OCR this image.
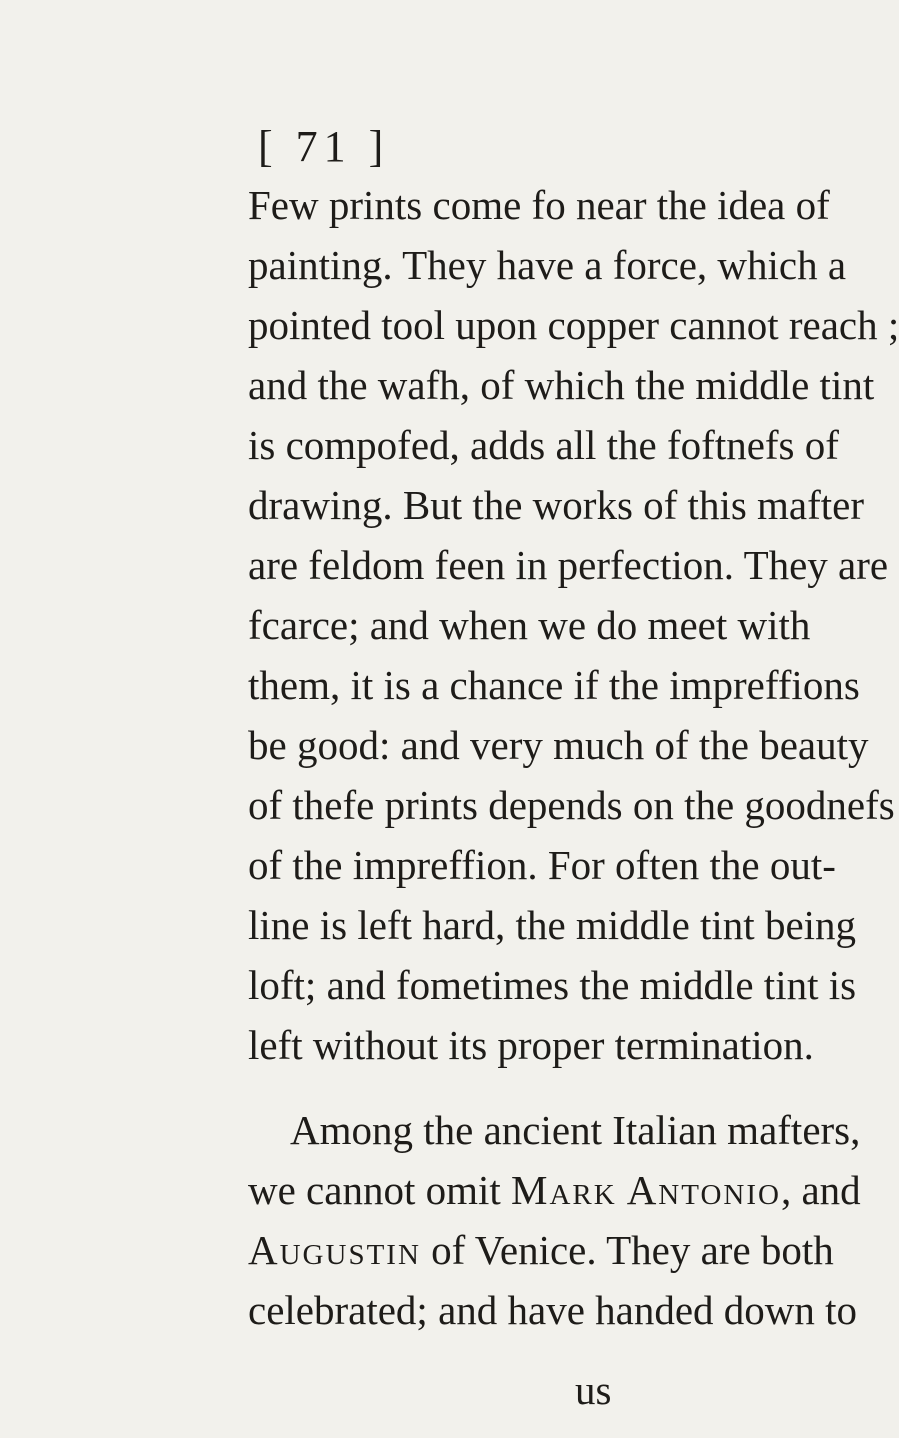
[ 71 ]
Few prints come fo near the idea of
painting. They have a force, which a
pointed tool upon copper cannot reach ;
and the wafh, of which the middle tint
is compofed, adds all the foftnefs of
drawing. But the works of this mafter
are feldom feen in perfection. They are
fcarce; and when we do meet with
them, it is a chance if the impreffions
be good: and very much of the beauty
of thefe prints depends on the goodnefs
of the impreffion. For often the out-
line is left hard, the middle tint being
loft; and fometimes the middle tint is
left without its proper termination.
Among the ancient Italian mafters,
we cannot omit Mark Antonio, and
Augustin of Venice. They are both
celebrated; and have handed down to
us
